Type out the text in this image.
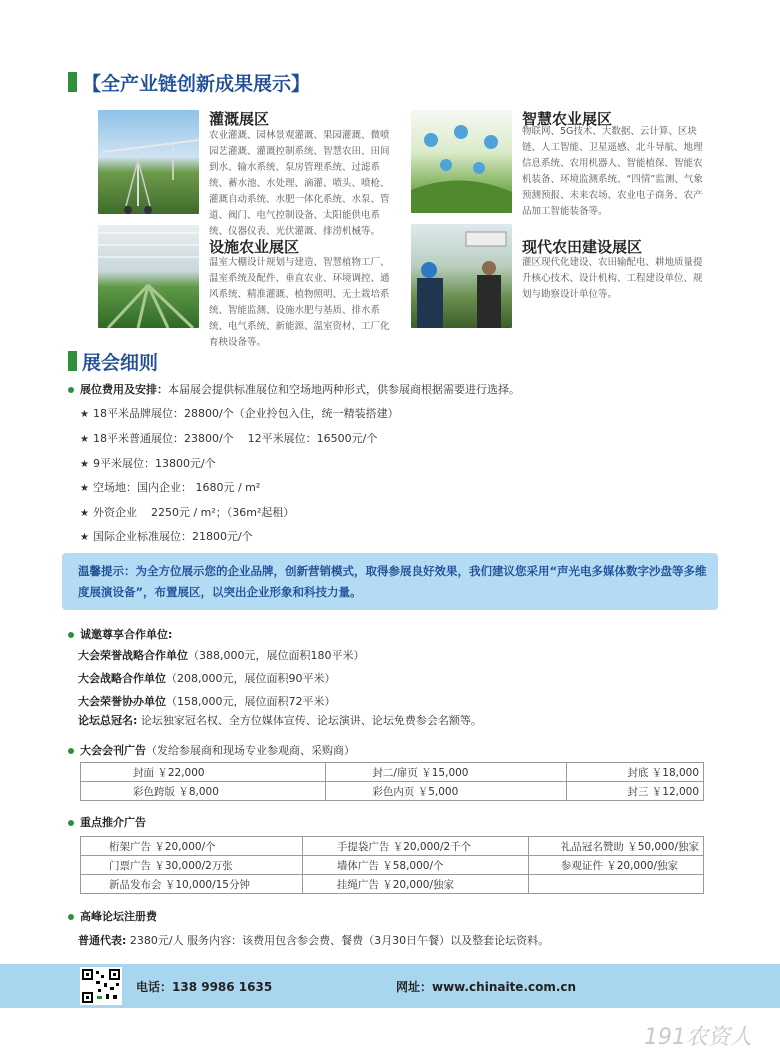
【全产业链创新成果展示】
灌溉展区
农业灌溉、园林景观灌溉、果园灌溉、微喷园艺灌溉、灌溉控制系统、智慧农田、田间到水、输水系统、泵房管理系统、过滤系统、蓄水池、水处理、滴灌、喷头、喷枪、灌溉自动系统、水肥一体化系统、水泵、管道、阀门、电气控制设备、太阳能供电系统、仪器仪表、光伏灌溉、排涝机械等。
智慧农业展区
物联网、5G技术、大数据、云计算、区块链、人工智能、卫星遥感、北斗导航、地理信息系统、农用机器人、智能植保、智能农机装备、环境监测系统、“四情”监测、气象预测预报、未来农场、农业电子商务、农产品加工智能装备等。
设施农业展区
温室大棚设计规划与建造、智慧植物工厂、温室系统及配件、垂直农业、环境调控、通风系统、精准灌溉、植物照明、无土栽培系统、智能监测、设施水肥与基质、排水系统、电气系统、新能源、温室资材、工厂化育秧设备等。
现代农田建设展区
灌区现代化建设、农田输配电、耕地质量提升核心技术、设计机构、工程建设单位、规划与勘察设计单位等。
展会细则
展位费用及安排：本届展会提供标准展位和空场地两种形式，供参展商根据需要进行选择。
★ 18平米品牌展位：28800/个（企业拎包入住，统一精装搭建）
★ 18平米普通展位：23800/个    12平米展位：16500元/个
★ 9平米展位：13800元/个
★ 空场地：国内企业： 1680元 / m²
★ 外资企业    2250元 / m²；（36m²起租）
★ 国际企业标准展位：21800元/个
温馨提示：为全方位展示您的企业品牌，创新营销模式，取得参展良好效果，我们建议您采用“声光电多媒体数字沙盘等多维度展演设备”，布置展区，以突出企业形象和科技力量。
诚邀尊享合作单位:
大会荣誉战略合作单位（388,000元，展位面积180平米）
大会战略合作单位（208,000元，展位面积90平米）
大会荣誉协办单位（158,000元，展位面积72平米）
论坛总冠名: 论坛独家冠名权、全方位媒体宣传、论坛演讲、论坛免费参会名额等。
大会会刊广告（发给参展商和现场专业参观商、采购商）
封面 ￥22,000	封二/扉页 ￥15,000	封底 ￥18,000
彩色跨版 ￥8,000	彩色内页 ￥5,000	封三 ￥12,000
重点推介广告
桁架广告 ￥20,000/个	手提袋广告 ￥20,000/2千个	礼品冠名赞助 ￥50,000/独家
门票广告 ￥30,000/2万张	墙体广告 ￥58,000/个	参观证件 ￥20,000/独家
新品发布会 ￥10,000/15分钟	挂绳广告 ￥20,000/独家	
高峰论坛注册费
普通代表: 2380元/人 服务内容：该费用包含参会费、餐费（3月30日午餐）以及整套论坛资料。
电话：138 9986 1635	网址：www.chinaite.com.cn
191农资人
